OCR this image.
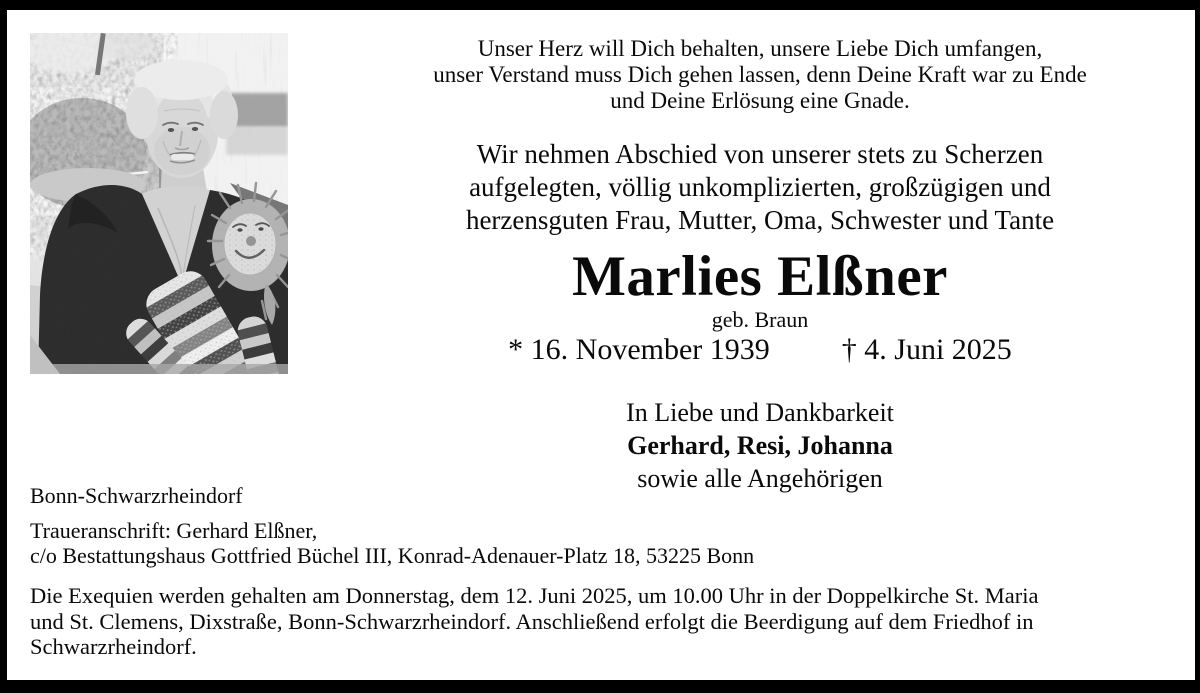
Unser Herz will Dich behalten, unsere Liebe Dich umfangen,
unser Verstand muss Dich gehen lassen, denn Deine Kraft war zu Ende
und Deine Erlösung eine Gnade.
Wir nehmen Abschied von unserer stets zu Scherzen
aufgelegten, völlig unkomplizierten, großzügigen und
herzensguten Frau, Mutter, Oma, Schwester und Tante
Marlies Elßner
geb. Braun
* 16. November 1939 † 4. Juni 2025
In Liebe und Dankbarkeit
Gerhard, Resi, Johanna
sowie alle Angehörigen
Bonn-Schwarzrheindorf
Traueranschrift: Gerhard Elßner,
c/o Bestattungshaus Gottfried Büchel III, Konrad-Adenauer-Platz 18, 53225 Bonn
Die Exequien werden gehalten am Donnerstag, dem 12. Juni 2025, um 10.00 Uhr in der Doppelkirche St. Maria
und St. Clemens, Dixstraße, Bonn-Schwarzrheindorf. Anschließend erfolgt die Beerdigung auf dem Friedhof in
Schwarzrheindorf.
